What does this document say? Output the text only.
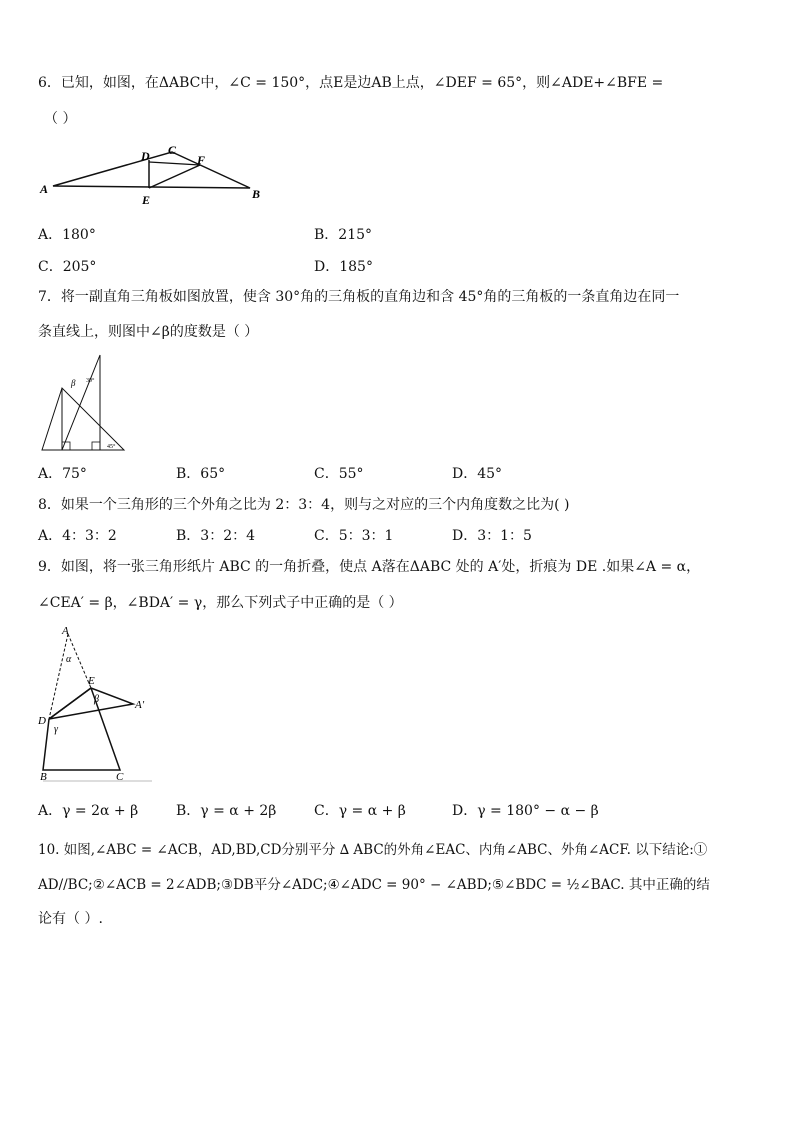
6．已知，如图，在ΔABC中，∠C = 150°，点E是边AB上点，∠DEF = 65°，则∠ADE+∠BFE =
（ ）
A
D C
F
E	B
A．180°	B．215°
C．205°	D．185°
7．将一副直角三角板如图放置，使含 30°角的三角板的直角边和含 45°角的三角板的一条直角边在同一
条直线上，则图中∠β的度数是（ ）
β 30°
45°
A．75°	B．65°	C．55°	D．45°
8．如果一个三角形的三个外角之比为 2：3：4，则与之对应的三个内角度数之比为( )
A．4：3：2	B．3：2：4	C．5：3：1	D．3：1：5
9．如图，将一张三角形纸片 ABC 的一角折叠，使点 A落在ΔABC 处的 A′处，折痕为 DE .如果∠A = α，
∠CEA′ = β，∠BDA′ = γ，那么下列式子中正确的是（ ）
A
α
E
β	A′
D
γ
B	C
A．γ = 2α + β	B．γ = α + 2β	C．γ = α + β	D．γ = 180° − α − β
10. 如图,∠ABC = ∠ACB，AD,BD,CD分别平分 ∆ ABC的外角∠EAC、内角∠ABC、外角∠ACF. 以下结论:①
AD//BC;②∠ACB = 2∠ADB;③DB平分∠ADC;④∠ADC = 90° − ∠ABD;⑤∠BDC = ½∠BAC. 其中正确的结
论有（ ）.
